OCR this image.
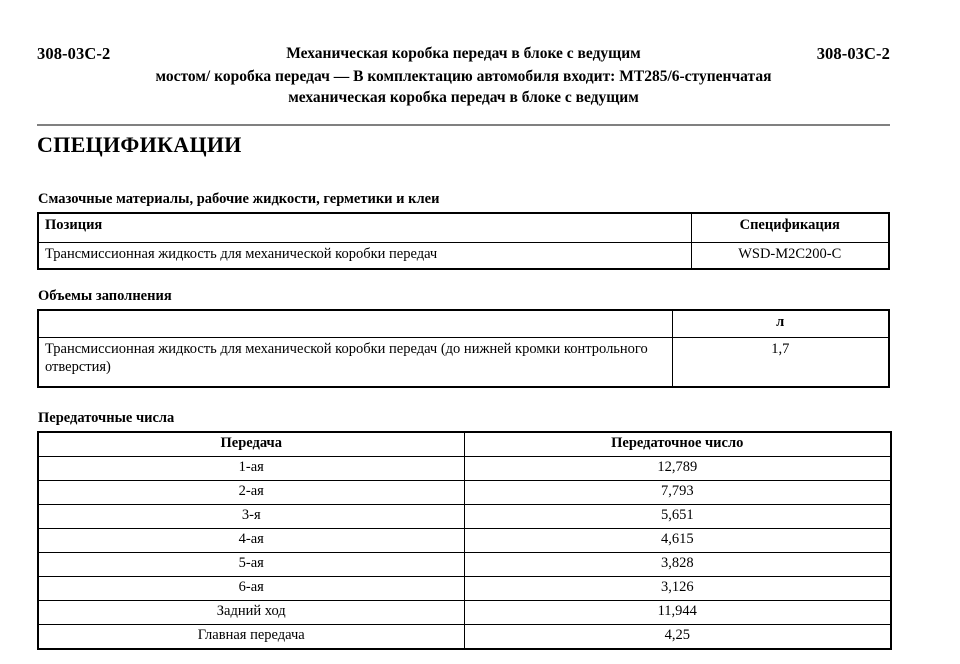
308-03C-2	Механическая коробка передач в блоке с ведущим	308-03C-2
мостом/ коробка передач — В комплектацию автомобиля входит: МТ285/6-ступенчатая
механическая коробка передач в блоке с ведущим
СПЕЦИФИКАЦИИ
Смазочные материалы, рабочие жидкости, герметики и клеи
Позиция	Спецификация
Трансмиссионная жидкость для механической коробки передач	WSD-M2C200-C
Объемы заполнения
	л
Трансмиссионная жидкость для механической коробки передач (до нижней кромки контрольного отверстия)	1,7
Передаточные числа
Передача	Передаточное число
1-ая	12,789
2-ая	7,793
3-я	5,651
4-ая	4,615
5-ая	3,828
6-ая	3,126
Задний ход	11,944
Главная передача	4,25
